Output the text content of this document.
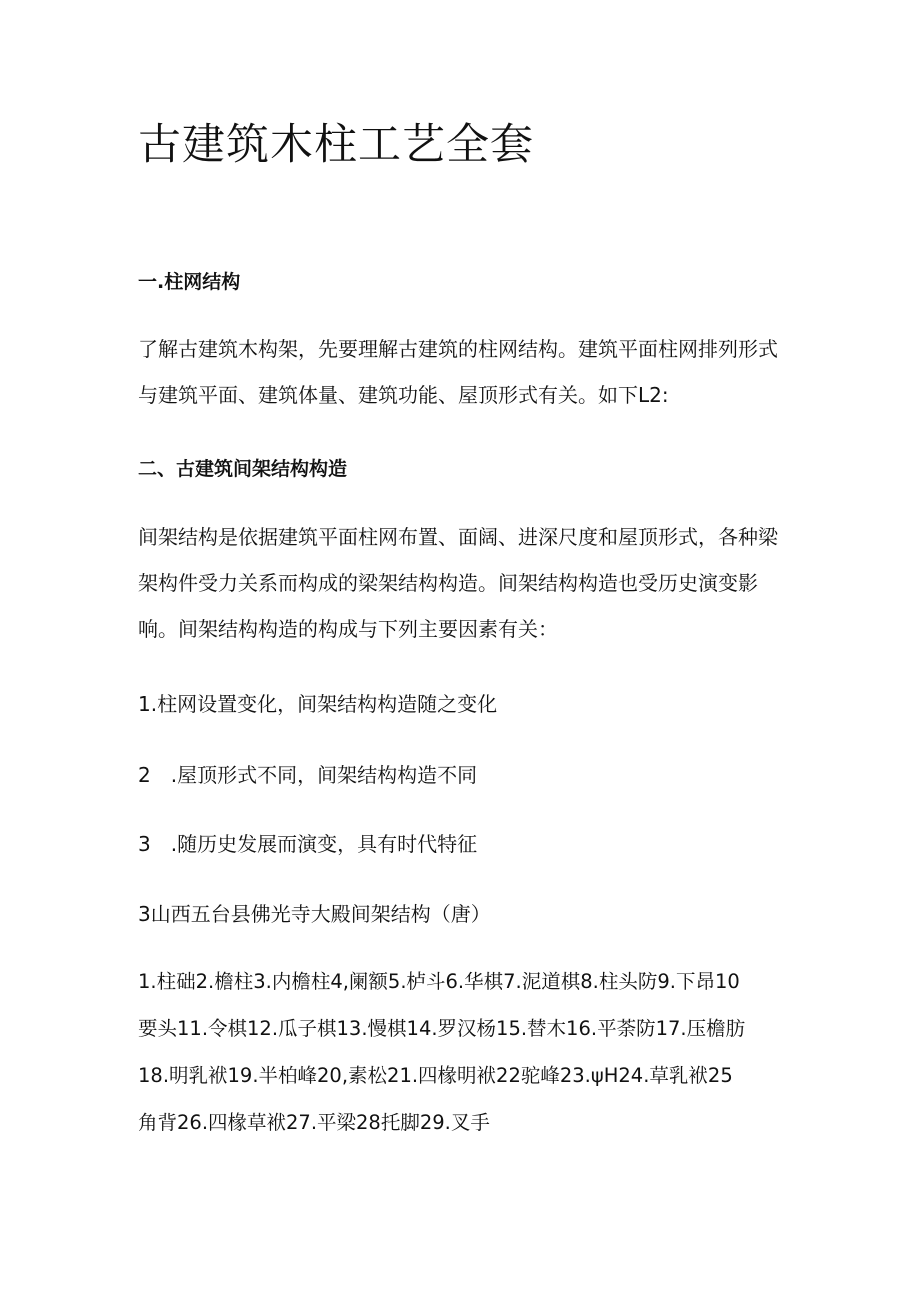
古建筑木柱工艺全套
一.柱网结构
了解古建筑木构架，先要理解古建筑的柱网结构。建筑平面柱网排列形式
与建筑平面、建筑体量、建筑功能、屋顶形式有关。如下L2:
二、古建筑间架结构构造
间架结构是依据建筑平面柱网布置、面阔、进深尺度和屋顶形式，各种梁
架构件受力关系而构成的梁架结构构造。间架结构构造也受历史演变影
响。间架结构构造的构成与下列主要因素有关：

1.柱网设置变化，间架结构构造随之变化

2　.屋顶形式不同，间架结构构造不同

3　.随历史发展而演变，具有时代特征

3山西五台县佛光寺大殿间架结构（唐）

1.柱础2.檐柱3.内檐柱4,阑额5.栌斗6.华棋7.泥道棋8.柱头防9.下昂10
要头11.令棋12.瓜子棋13.慢棋14.罗汉杨15.替木16.平荼防17.压檐肪
18.明乳袱19.半柏峰20,素松21.四椽明袱22驼峰23.ψH24.草乳袱25
角背26.四椽草袱27.平梁28托脚29.叉手
